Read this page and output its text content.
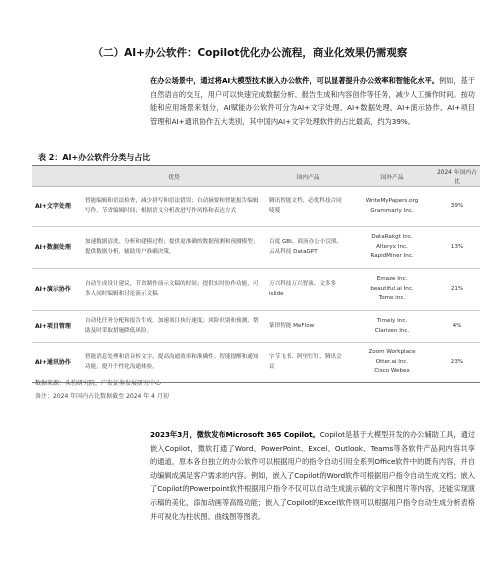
（二）AI+办公软件：Copilot优化办公流程，商业化效果仍需观察
在办公场景中，通过将AI大模型技术嵌入办公软件，可以显著提升办公效率和智能化水平。例如，基于自然语言的交互，用户可以快速完成数据分析、报告生成和内容创作等任务，减少人工操作时间。按功能和应用场景来划分，AI赋能办公软件可分为AI+文字处理、AI+数据处理、AI+演示协作、AI+项目管理和AI+通讯协作五大类别，其中国内AI+文字处理软件的占比最高，约为39%。
表 2：AI+办公软件分类与占比
	优势	国内产品	国外产品	2024 年国内占比
AI+文字处理	智能编辑和语法检查，减少拼写和语法错误；自动摘要和智能报告编辑写作，节省编辑时间；根据语义分析改进写作风格和表达方式	腾讯智能文档、必优科技合同唛唛	WriteMyPapers.org
Grammarly Inc.	39%
AI+数据处理	加速数据清洗、分析和建模过程；提供更准确的数据预测和预测模型；提供数据分析，辅助用户准确决策。	百度 GBI、商汤办公小浣熊、云从科技 DataGPT	DataRakgt Inc.
Alteryx Inc.
RapidMiner Inc.	13%
AI+演示协作	自动生成设计建议，节省制作演示文稿的时间；提供实时协作功能，可多人同时编辑和讨论演示文稿	万兴科技万兴智演、文多多islide	Emaze Inc.
beautiful.ai Inc.
Tome inc.	21%
AI+项目管理	自动化任务分配和报告生成，加速项目执行速度；风险识别和预测，帮助及时采取措施降低风险。	篆律智能 MeFlow	Timely Inc.
Clarizen Inc.	4%
AI+通讯协作	智能消息处理和语音转文字，提高沟通效率和准确性；智能提醒和通知功能，提升个性化沟通体验。	字节飞书、阿里钉钉、腾讯会议	Zoom Workplace
Otter.ai Inc.
Cisco Webex	23%
数据来源：头豹研究院，广发证券发展研究中心
备注：2024 年国内占比数据截至 2024 年 4 月初
2023年3月，微软发布Microsoft 365 Copilot。Copilot是基于大模型开发的办公辅助工具，通过嵌入Copilot，微软打通了Word、PowerPoint、Excel、Outlook、Teams等各软件产品间内容共享的通道，原本各自独立的办公软件可以根据用户的指令自动引用全系列Office软件中的既有内容，并自动编辑成满足客户需求的内容。例如，嵌入了Copilot的Word软件可根据用户指令自动生成文档；嵌入了Copilot的Powerpoint软件根据用户指令不仅可以自动生成演示稿的文字和图片等内容，还能实现演示稿的美化，添加动画等高级功能；嵌入了Copilot的Excel软件则可以根据用户指令自动生成分析表格并可视化为柱状图、曲线图等图表。
